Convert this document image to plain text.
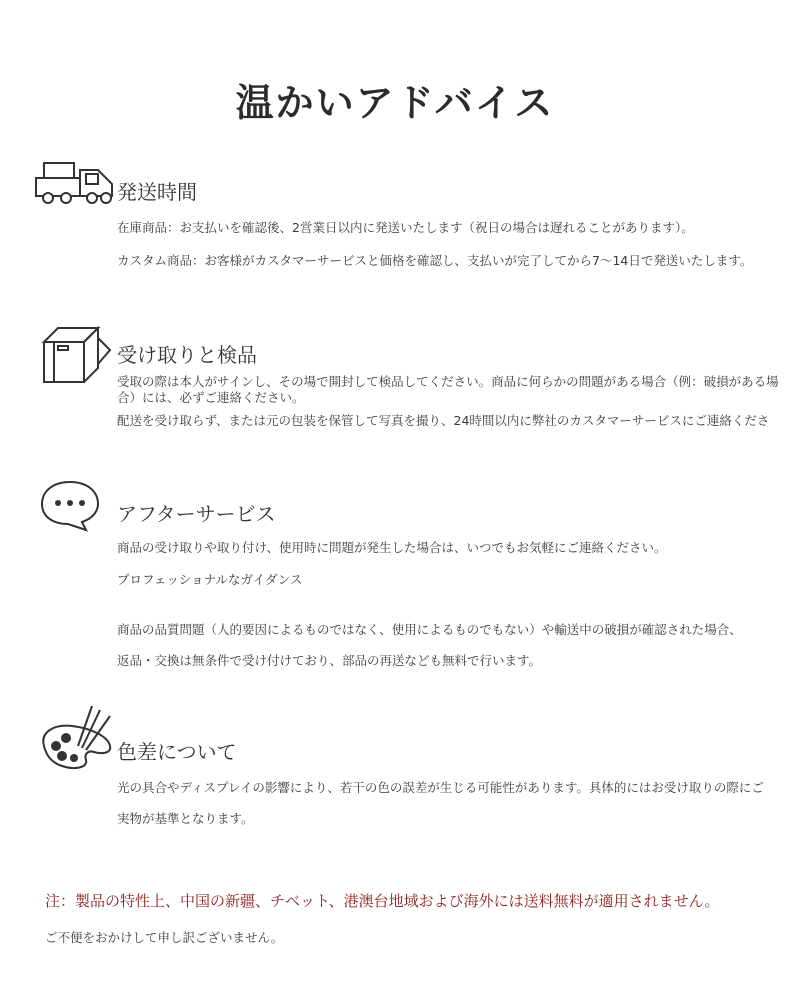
温かいアドバイス
発送時間
在庫商品：お支払いを確認後、2営業日以内に発送いたします（祝日の場合は遅れることがあります）。
カスタム商品：お客様がカスタマーサービスと価格を確認し、支払いが完了してから7〜14日で発送いたします。
受け取りと検品
受取の際は本人がサインし、その場で開封して検品してください。商品に何らかの問題がある場合（例：破損がある場
合）には、必ずご連絡ください。
配送を受け取らず、または元の包装を保管して写真を撮り、24時間以内に弊社のカスタマーサービスにご連絡くださ
アフターサービス
商品の受け取りや取り付け、使用時に問題が発生した場合は、いつでもお気軽にご連絡ください。
プロフェッショナルなガイダンス
商品の品質問題（人的要因によるものではなく、使用によるものでもない）や輸送中の破損が確認された場合、
返品・交換は無条件で受け付けており、部品の再送なども無料で行います。
色差について
光の具合やディスプレイの影響により、若干の色の誤差が生じる可能性があります。具体的にはお受け取りの際にご
実物が基準となります。
注：製品の特性上、中国の新疆、チベット、港澳台地域および海外には送料無料が適用されません。
ご不便をおかけして申し訳ございません。
